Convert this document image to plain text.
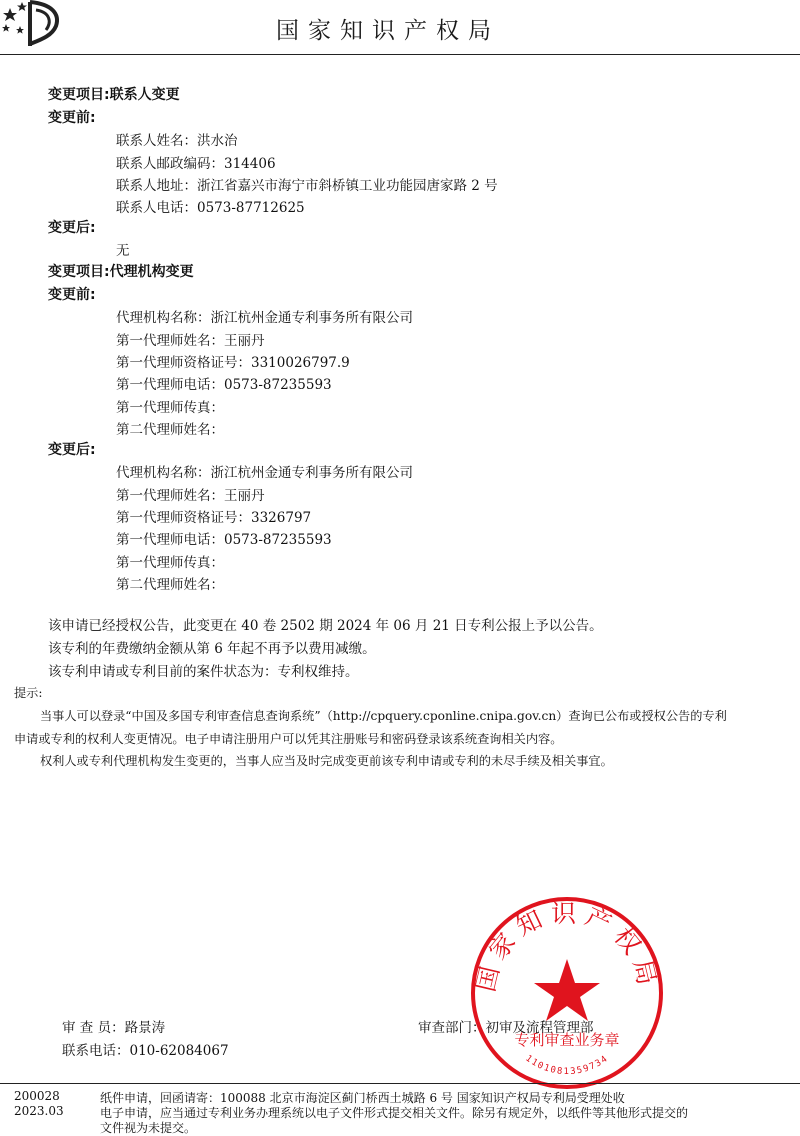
国家知识产权局
变更项目:联系人变更
变更前:
联系人姓名：洪水治
联系人邮政编码：314406
联系人地址：浙江省嘉兴市海宁市斜桥镇工业功能园唐家路 2 号
联系人电话：0573-87712625
变更后:
无
变更项目:代理机构变更
变更前:
代理机构名称：浙江杭州金通专利事务所有限公司
第一代理师姓名：王丽丹
第一代理师资格证号：3310026797.9
第一代理师电话：0573-87235593
第一代理师传真：
第二代理师姓名：
变更后:
代理机构名称：浙江杭州金通专利事务所有限公司
第一代理师姓名：王丽丹
第一代理师资格证号：3326797
第一代理师电话：0573-87235593
第一代理师传真：
第二代理师姓名：
该申请已经授权公告，此变更在 40 卷 2502 期 2024 年 06 月 21 日专利公报上予以公告。
该专利的年费缴纳金额从第 6 年起不再予以费用减缴。
该专利申请或专利目前的案件状态为：专利权维持。
提示:
当事人可以登录“中国及多国专利审查信息查询系统”（http://cpquery.cponline.cnipa.gov.cn）查询已公布或授权公告的专利
申请或专利的权利人变更情况。电子申请注册用户可以凭其注册账号和密码登录该系统查询相关内容。
权利人或专利代理机构发生变更的，当事人应当及时完成变更前该专利申请或专利的未尽手续及相关事宜。
国家知识产权局
专利审查业务章
1101081359734
审 查 员：路景涛
联系电话：010-62084067
审查部门：初审及流程管理部
200028
2023.03
纸件申请，回函请寄：100088 北京市海淀区蓟门桥西土城路 6 号 国家知识产权局专利局受理处收
电子申请，应当通过专利业务办理系统以电子文件形式提交相关文件。除另有规定外，以纸件等其他形式提交的
文件视为未提交。
